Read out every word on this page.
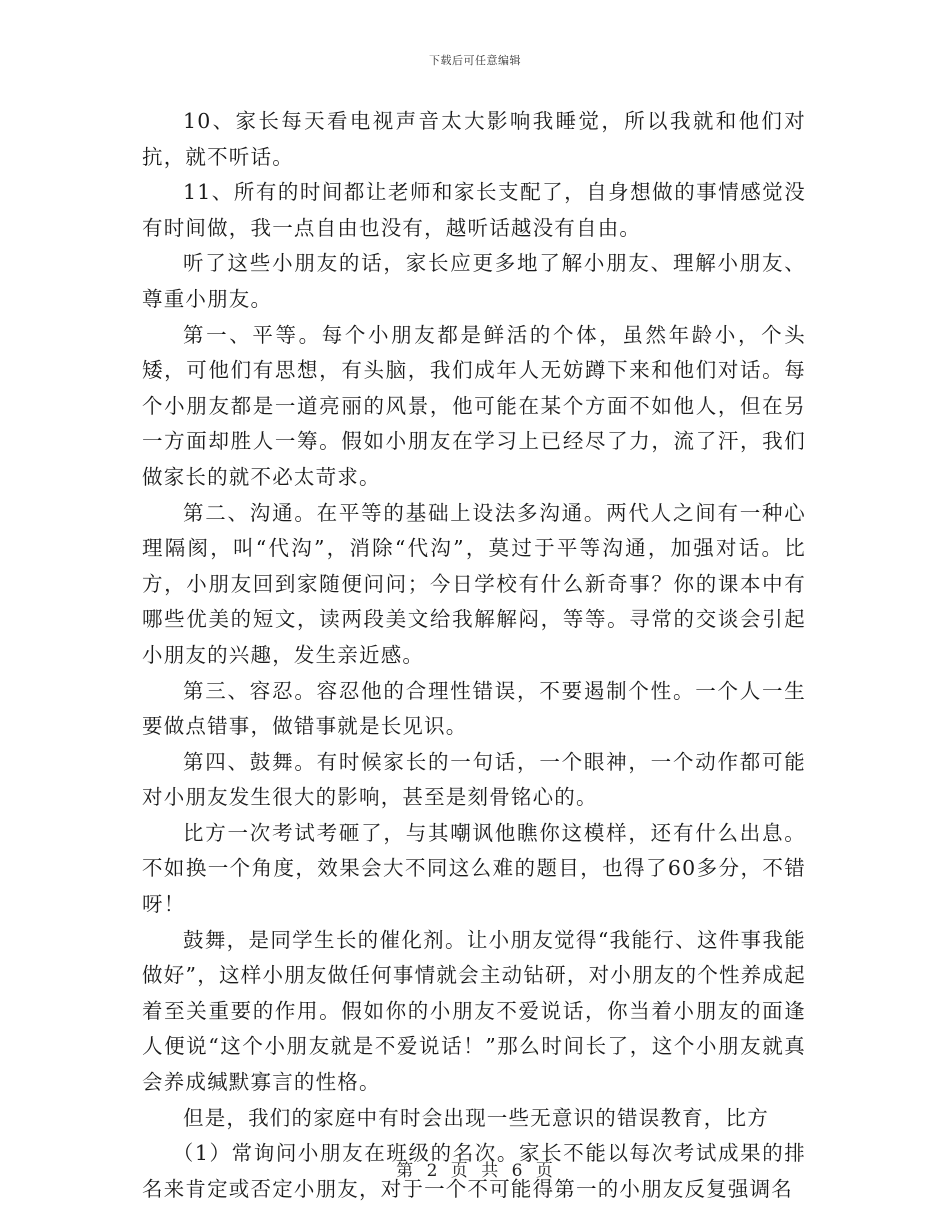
下载后可任意编辑

10、家长每天看电视声音太大影响我睡觉，所以我就和他们对抗，就不听话。

11、所有的时间都让老师和家长支配了，自身想做的事情感觉没有时间做，我一点自由也没有，越听话越没有自由。

听了这些小朋友的话，家长应更多地了解小朋友、理解小朋友、尊重小朋友。

第一、平等。每个小朋友都是鲜活的个体，虽然年龄小，个头矮，可他们有思想，有头脑，我们成年人无妨蹲下来和他们对话。每个小朋友都是一道亮丽的风景，他可能在某个方面不如他人，但在另一方面却胜人一筹。假如小朋友在学习上已经尽了力，流了汗，我们做家长的就不必太苛求。

第二、沟通。在平等的基础上设法多沟通。两代人之间有一种心理隔阂，叫“代沟”，消除“代沟”，莫过于平等沟通，加强对话。比方，小朋友回到家随便问问；今日学校有什么新奇事？你的课本中有哪些优美的短文，读两段美文给我解解闷，等等。寻常的交谈会引起小朋友的兴趣，发生亲近感。

第三、容忍。容忍他的合理性错误，不要遏制个性。一个人一生要做点错事，做错事就是长见识。

第四、鼓舞。有时候家长的一句话，一个眼神，一个动作都可能对小朋友发生很大的影响，甚至是刻骨铭心的。

比方一次考试考砸了，与其嘲讽他瞧你这模样，还有什么出息。不如换一个角度，效果会大不同这么难的题目，也得了60多分，不错呀！

鼓舞，是同学生长的催化剂。让小朋友觉得“我能行、这件事我能做好”，这样小朋友做任何事情就会主动钻研，对小朋友的个性养成起着至关重要的作用。假如你的小朋友不爱说话，你当着小朋友的面逢人便说“这个小朋友就是不爱说话！”那么时间长了，这个小朋友就真会养成缄默寡言的性格。

但是，我们的家庭中有时会出现一些无意识的错误教育，比方

（1）常询问小朋友在班级的名次。家长不能以每次考试成果的排名来肯定或否定小朋友，对于一个不可能得第一的小朋友反复强调名

第 2 页 共 6 页
